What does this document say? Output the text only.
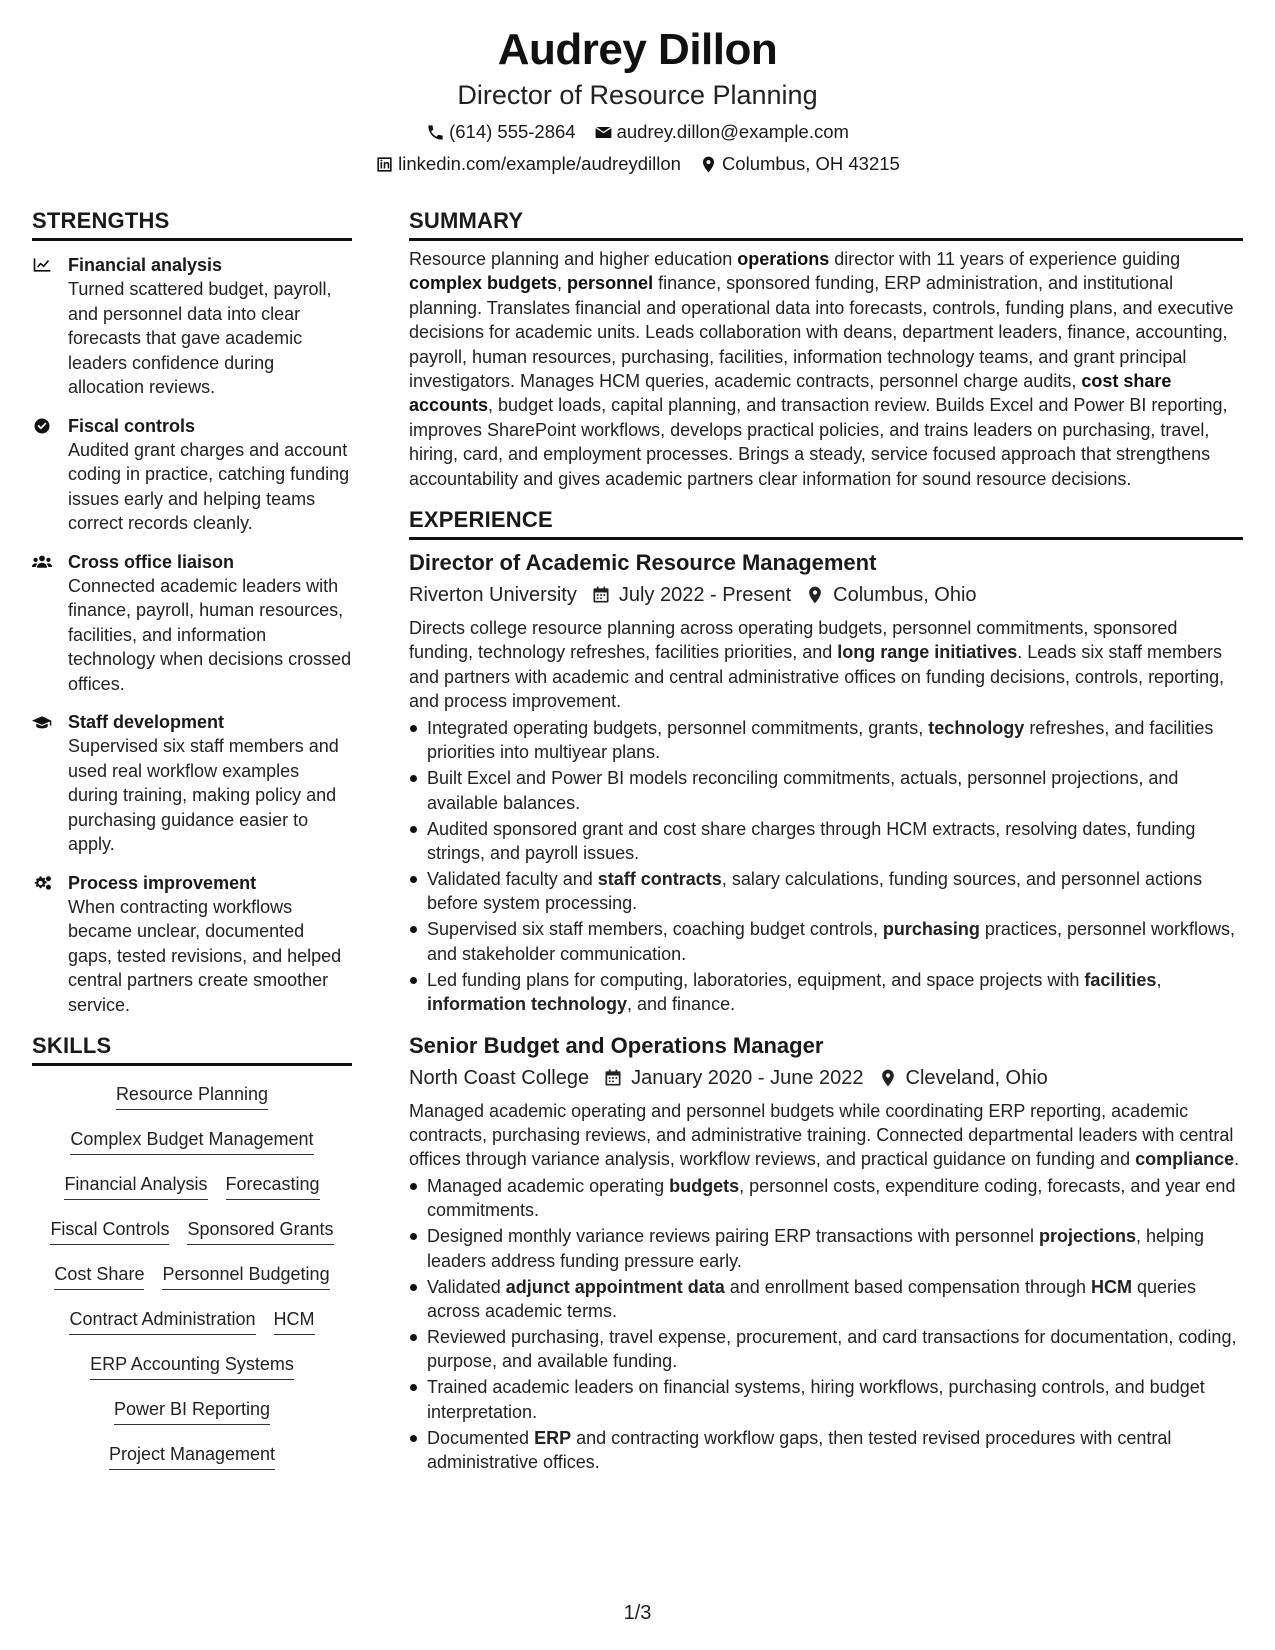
Audrey Dillon
Director of Resource Planning
(614) 555-2864 audrey.dillon@example.com
linkedin.com/example/audreydillon Columbus, OH 43215
STRENGTHS
Financial analysis
Turned scattered budget, payroll, and personnel data into clear forecasts that gave academic leaders confidence during allocation reviews.
Fiscal controls
Audited grant charges and account coding in practice, catching funding issues early and helping teams correct records cleanly.
Cross office liaison
Connected academic leaders with finance, payroll, human resources, facilities, and information technology when decisions crossed offices.
Staff development
Supervised six staff members and used real workflow examples during training, making policy and purchasing guidance easier to apply.
Process improvement
When contracting workflows became unclear, documented gaps, tested revisions, and helped central partners create smoother service.
SKILLS
Resource Planning
Complex Budget Management
Financial Analysis Forecasting
Fiscal Controls Sponsored Grants
Cost Share Personnel Budgeting
Contract Administration HCM
ERP Accounting Systems
Power BI Reporting
Project Management
SUMMARY

Resource planning and higher education operations director with 11 years of experience guiding complex budgets, personnel finance, sponsored funding, ERP administration, and institutional planning. Translates financial and operational data into forecasts, controls, funding plans, and executive decisions for academic units. Leads collaboration with deans, department leaders, finance, accounting, payroll, human resources, purchasing, facilities, information technology teams, and grant principal investigators. Manages HCM queries, academic contracts, personnel charge audits, cost share accounts, budget loads, capital planning, and transaction review. Builds Excel and Power BI reporting, improves SharePoint workflows, develops practical policies, and trains leaders on purchasing, travel, hiring, card, and employment processes. Brings a steady, service focused approach that strengthens accountability and gives academic partners clear information for sound resource decisions.

EXPERIENCE
Director of Academic Resource Management
Riverton University July 2022 - Present Columbus, Ohio
Directs college resource planning across operating budgets, personnel commitments, sponsored funding, technology refreshes, facilities priorities, and long range initiatives. Leads six staff members and partners with academic and central administrative offices on funding decisions, controls, reporting, and process improvement.
Integrated operating budgets, personnel commitments, grants, technology refreshes, and facilities priorities into multiyear plans.
Built Excel and Power BI models reconciling commitments, actuals, personnel projections, and available balances.
Audited sponsored grant and cost share charges through HCM extracts, resolving dates, funding strings, and payroll issues.
Validated faculty and staff contracts, salary calculations, funding sources, and personnel actions before system processing.
Supervised six staff members, coaching budget controls, purchasing practices, personnel workflows, and stakeholder communication.
Led funding plans for computing, laboratories, equipment, and space projects with facilities, information technology, and finance.
Senior Budget and Operations Manager
North Coast College January 2020 - June 2022 Cleveland, Ohio
Managed academic operating and personnel budgets while coordinating ERP reporting, academic contracts, purchasing reviews, and administrative training. Connected departmental leaders with central offices through variance analysis, workflow reviews, and practical guidance on funding and compliance.
Managed academic operating budgets, personnel costs, expenditure coding, forecasts, and year end commitments.
Designed monthly variance reviews pairing ERP transactions with personnel projections, helping leaders address funding pressure early.
Validated adjunct appointment data and enrollment based compensation through HCM queries across academic terms.
Reviewed purchasing, travel expense, procurement, and card transactions for documentation, coding, purpose, and available funding.
Trained academic leaders on financial systems, hiring workflows, purchasing controls, and budget interpretation.
Documented ERP and contracting workflow gaps, then tested revised procedures with central administrative offices.
1/3
